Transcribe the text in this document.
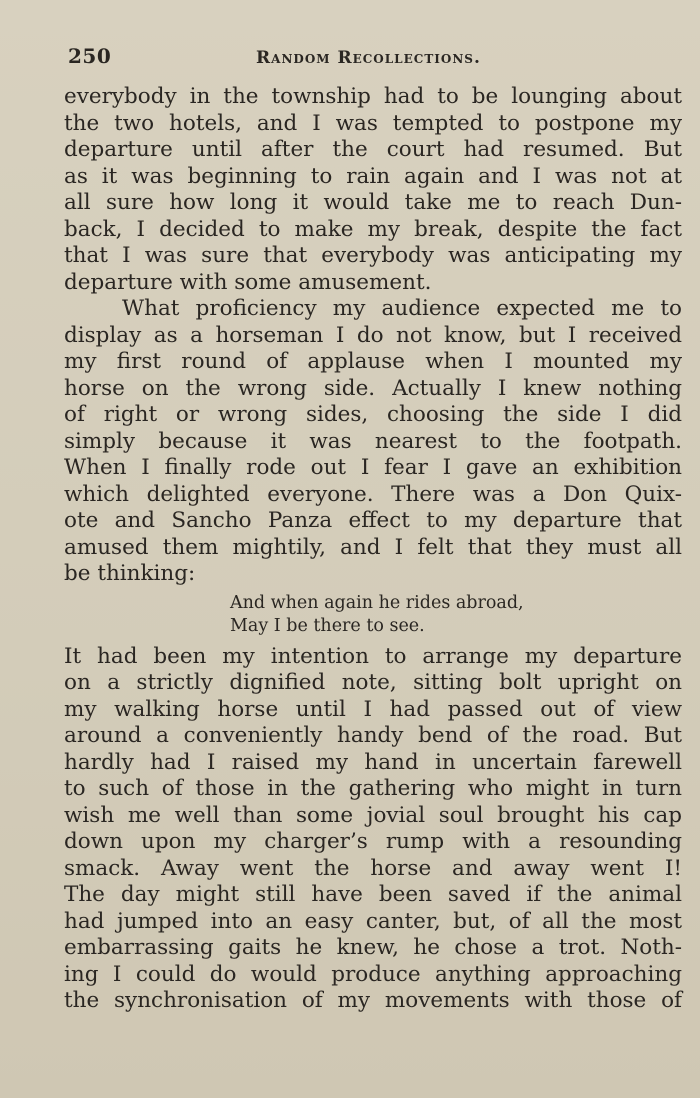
250	Random Recollections.
everybody in the township had to be lounging about
the two hotels, and I was tempted to postpone my
departure until after the court had resumed. But
as it was beginning to rain again and I was not at
all sure how long it would take me to reach Dun-
back, I decided to make my break, despite the fact
that I was sure that everybody was anticipating my
departure with some amusement.
What proficiency my audience expected me to
display as a horseman I do not know, but I received
my first round of applause when I mounted my
horse on the wrong side. Actually I knew nothing
of right or wrong sides, choosing the side I did
simply because it was nearest to the footpath.
When I finally rode out I fear I gave an exhibition
which delighted everyone. There was a Don Quix-
ote and Sancho Panza effect to my departure that
amused them mightily, and I felt that they must all
be thinking:
And when again he rides abroad,
May I be there to see.
It had been my intention to arrange my departure
on a strictly dignified note, sitting bolt upright on
my walking horse until I had passed out of view
around a conveniently handy bend of the road. But
hardly had I raised my hand in uncertain farewell
to such of those in the gathering who might in turn
wish me well than some jovial soul brought his cap
down upon my charger’s rump with a resounding
smack. Away went the horse and away went I!
The day might still have been saved if the animal
had jumped into an easy canter, but, of all the most
embarrassing gaits he knew, he chose a trot. Noth-
ing I could do would produce anything approaching
the synchronisation of my movements with those of
